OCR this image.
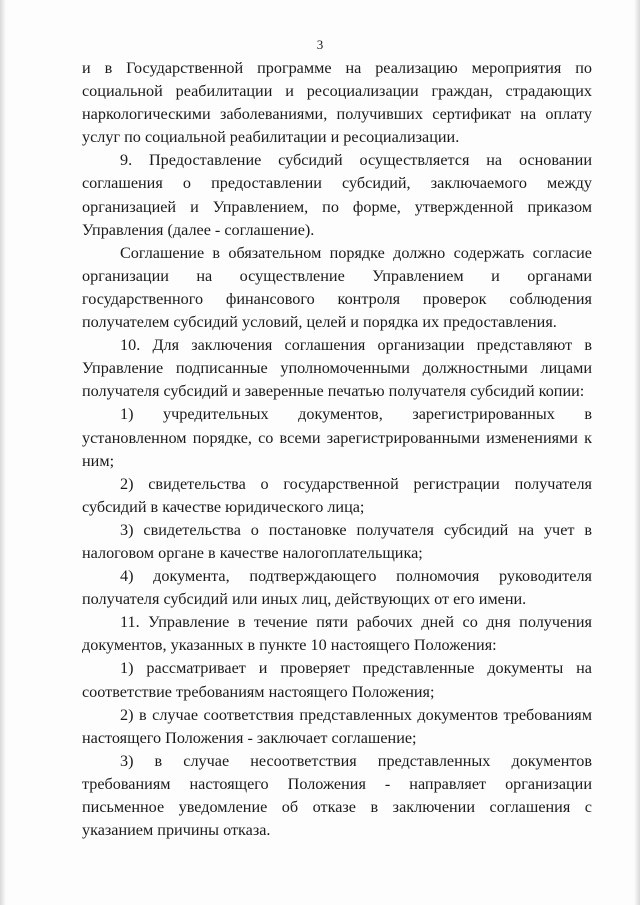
3

и в Государственной программе на реализацию мероприятия по социальной реабилитации и ресоциализации граждан, страдающих наркологическими заболеваниями, получивших сертификат на оплату услуг по социальной реабилитации и ресоциализации.

9. Предоставление субсидий осуществляется на основании соглашения о предоставлении субсидий, заключаемого между организацией и Управлением, по форме, утвержденной приказом Управления (далее - соглашение).

Соглашение в обязательном порядке должно содержать согласие организации на осуществление Управлением и органами государственного финансового контроля проверок соблюдения получателем субсидий условий, целей и порядка их предоставления.

10. Для заключения соглашения организации представляют в Управление подписанные уполномоченными должностными лицами получателя субсидий и заверенные печатью получателя субсидий копии:

1) учредительных документов, зарегистрированных в установленном порядке, со всеми зарегистрированными изменениями к ним;

2) свидетельства о государственной регистрации получателя субсидий в качестве юридического лица;

3) свидетельства о постановке получателя субсидий на учет в налоговом органе в качестве налогоплательщика;

4) документа, подтверждающего полномочия руководителя получателя субсидий или иных лиц, действующих от его имени.

11. Управление в течение пяти рабочих дней со дня получения документов, указанных в пункте 10 настоящего Положения:

1) рассматривает и проверяет представленные документы на соответствие требованиям настоящего Положения;

2) в случае соответствия представленных документов требованиям настоящего Положения - заключает соглашение;

3) в случае несоответствия представленных документов требованиям настоящего Положения - направляет организации письменное уведомление об отказе в заключении соглашения с указанием причины отказа.
